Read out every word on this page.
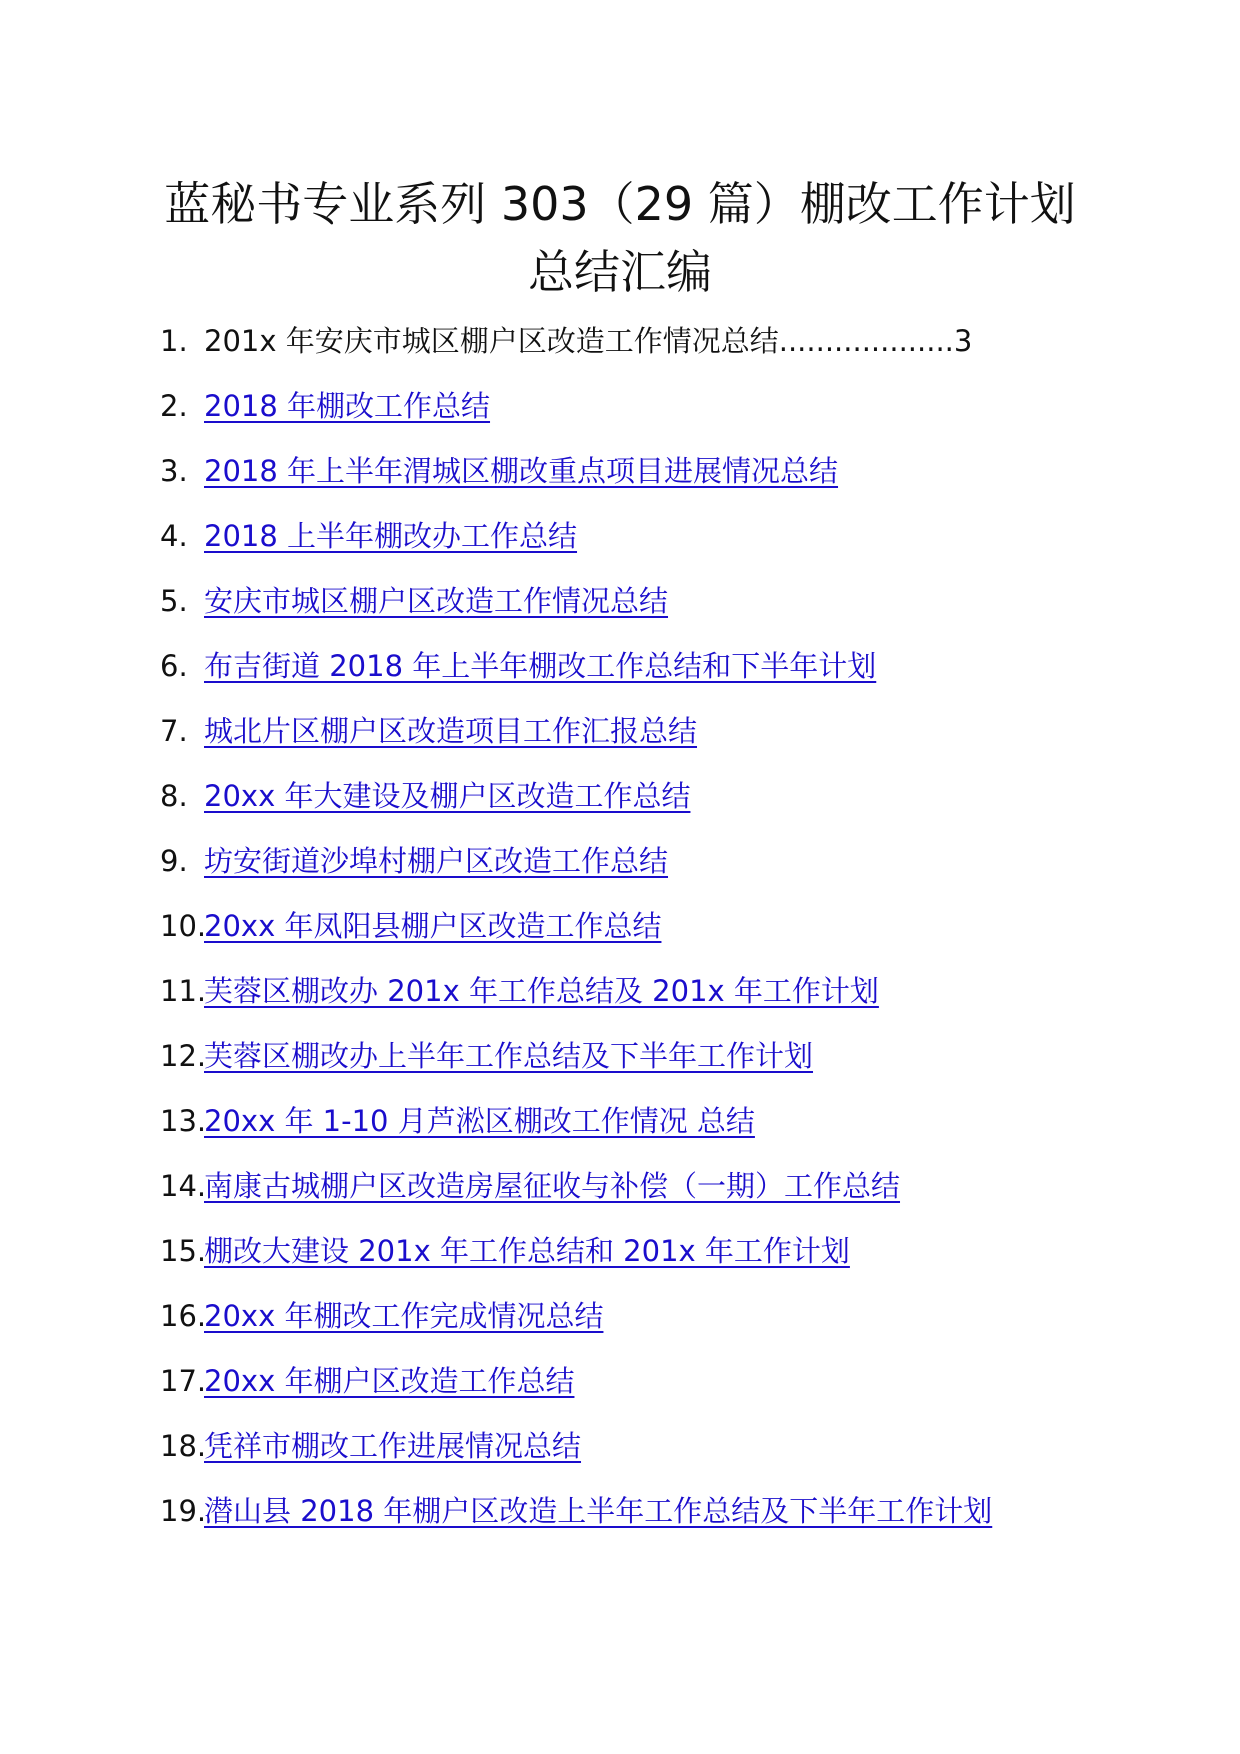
蓝秘书专业系列 303（29 篇）棚改工作计划
总结汇编
1. 201x 年安庆市城区棚户区改造工作情况总结...................3
2. 2018 年棚改工作总结
3. 2018 年上半年渭城区棚改重点项目进展情况总结
4. 2018 上半年棚改办工作总结
5. 安庆市城区棚户区改造工作情况总结
6. 布吉街道 2018 年上半年棚改工作总结和下半年计划
7. 城北片区棚户区改造项目工作汇报总结
8. 20xx 年大建设及棚户区改造工作总结
9. 坊安街道沙埠村棚户区改造工作总结
10.
20xx 年凤阳县棚户区改造工作总结
11.
芙蓉区棚改办 201x 年工作总结及 201x 年工作计划
12.
芙蓉区棚改办上半年工作总结及下半年工作计划
13.
20xx 年 1-10 月芦淞区棚改工作情况 总结
14.
南康古城棚户区改造房屋征收与补偿（一期）工作总结
15.
棚改大建设 201x 年工作总结和 201x 年工作计划
16.
20xx 年棚改工作完成情况总结
17.
20xx 年棚户区改造工作总结
18.
凭祥市棚改工作进展情况总结
19.
潜山县 2018 年棚户区改造上半年工作总结及下半年工作计划
